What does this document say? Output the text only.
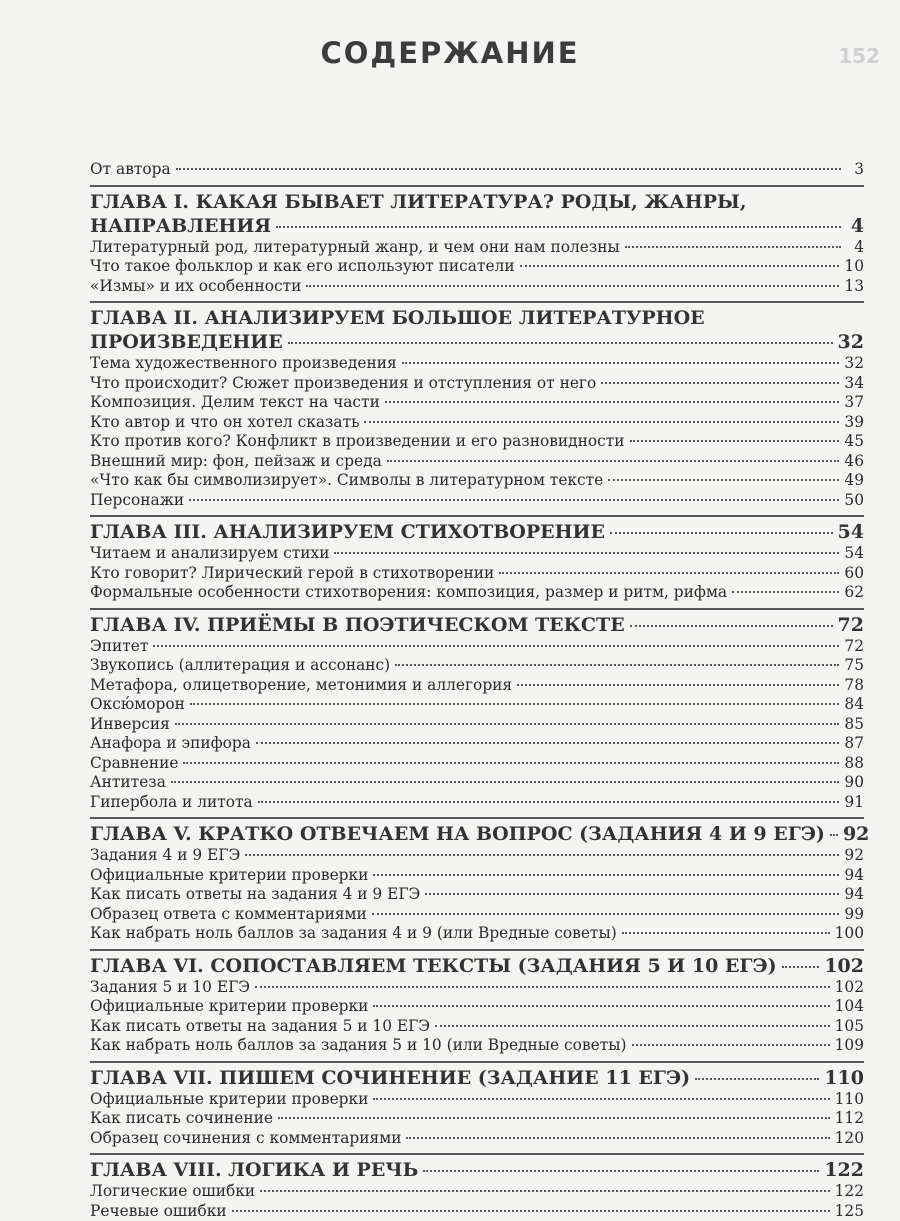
152
СОДЕРЖАНИЕ
От автора	3
ГЛАВА I. КАКАЯ БЫВАЕТ ЛИТЕРАТУРА? РОДЫ, ЖАНРЫ,
НАПРАВЛЕНИЯ	4
Литературный род, литературный жанр, и чем они нам полезны	4
Что такое фольклор и как его используют писатели	10
«Измы» и их особенности	13
ГЛАВА II. АНАЛИЗИРУЕМ БОЛЬШОЕ ЛИТЕРАТУРНОЕ
ПРОИЗВЕДЕНИЕ	32
Тема художественного произведения	32
Что происходит? Сюжет произведения и отступления от него	34
Композиция. Делим текст на части	37
Кто автор и что он хотел сказать	39
Кто против кого? Конфликт в произведении и его разновидности	45
Внешний мир: фон, пейзаж и среда	46
«Что как бы символизирует». Символы в литературном тексте	49
Персонажи	50
ГЛАВА III. АНАЛИЗИРУЕМ СТИХОТВОРЕНИЕ	54
Читаем и анализируем стихи	54
Кто говорит? Лирический герой в стихотворении	60
Формальные особенности стихотворения: композиция, размер и ритм, рифма	62
ГЛАВА IV. ПРИЁМЫ В ПОЭТИЧЕСКОМ ТЕКСТЕ	72
Эпитет	72
Звукопись (аллитерация и ассонанс)	75
Метафора, олицетворение, метонимия и аллегория	78
Оксю́морон	84
Инверсия	85
Анафора и эпифора	87
Сравнение	88
Антитеза	90
Гипербола и литота	91
ГЛАВА V. КРАТКО ОТВЕЧАЕМ НА ВОПРОС (ЗАДАНИЯ 4 И 9 ЕГЭ) 92
Задания 4 и 9 ЕГЭ	92
Официальные критерии проверки	94
Как писать ответы на задания 4 и 9 ЕГЭ	94
Образец ответа с комментариями	99
Как набрать ноль баллов за задания 4 и 9 (или Вредные советы)	100
ГЛАВА VI. СОПОСТАВЛЯЕМ ТЕКСТЫ (ЗАДАНИЯ 5 И 10 ЕГЭ)	102
Задания 5 и 10 ЕГЭ	102
Официальные критерии проверки	104
Как писать ответы на задания 5 и 10 ЕГЭ	105
Как набрать ноль баллов за задания 5 и 10 (или Вредные советы)	109
ГЛАВА VII. ПИШЕМ СОЧИНЕНИЕ (ЗАДАНИЕ 11 ЕГЭ)	110
Официальные критерии проверки	110
Как писать сочинение	112
Образец сочинения с комментариями	120
ГЛАВА VIII. ЛОГИКА И РЕЧЬ	122
Логические ошибки	122
Речевые ошибки	125
